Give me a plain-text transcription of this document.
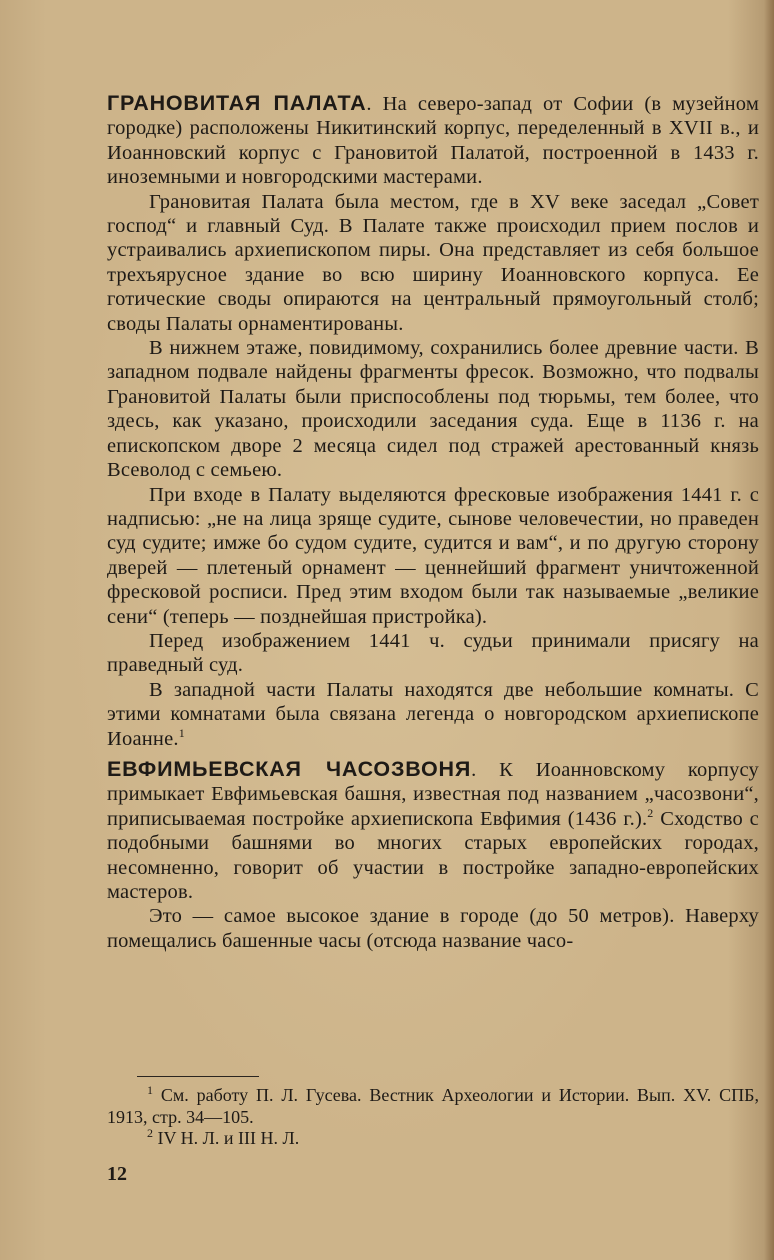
ГРАНОВИТАЯ ПАЛАТА. На северо-запад от Софии (в музейном городке) расположены Никитинский корпус, переделенный в XVII в., и Иоанновский корпус с Грановитой Палатой, построенной в 1433 г. иноземными и новгородскими мастерами.

Грановитая Палата была местом, где в XV веке заседал „Совет господ“ и главный Суд. В Палате также происходил прием послов и устраивались архиепископом пиры. Она представляет из себя большое трехъярусное здание во всю ширину Иоанновского корпуса. Ее готические своды опираются на центральный прямоугольный столб; своды Палаты орнаментированы.

В нижнем этаже, повидимому, сохранились более древние части. В западном подвале найдены фрагменты фресок. Возможно, что подвалы Грановитой Палаты были приспособлены под тюрьмы, тем более, что здесь, как указано, происходили заседания суда. Еще в 1136 г. на епископском дворе 2 месяца сидел под стражей арестованный князь Всеволод с семьею.

При входе в Палату выделяются фресковые изображения 1441 г. с надписью: „не на лица зряще судите, сынове человечестии, но праведен суд судите; имже бо судом судите, судится и вам“, и по другую сторону дверей — плетеный орнамент — ценнейший фрагмент уничтоженной фресковой росписи. Пред этим входом были так называемые „великие сени“ (теперь — позднейшая пристройка).

Перед изображением 1441 ч. судьи принимали присягу на праведный суд.

В западной части Палаты находятся две небольшие комнаты. С этими комнатами была связана легенда о новгородском архиепископе Иоанне.$^1$

ЕВФИМЬЕВСКАЯ ЧАСОЗВОНЯ. К Иоанновскому корпусу примыкает Евфимьевская башня, известная под названием „часозвони“, приписываемая постройке архиепископа Евфимия (1436 г.).$^2$ Сходство с подобными башнями во многих старых европейских городах, несомненно, говорит об участии в постройке западно-европейских мастеров.

Это — самое высокое здание в городе (до 50 метров). Наверху помещались башенные часы (отсюда название часо-

$^1$ См. работу П. Л. Гусева. Вестник Археологии и Истории. Вып. XV. СПБ, 1913, стр. 34—105.
$^2$ IV Н. Л. и III Н. Л.
12
